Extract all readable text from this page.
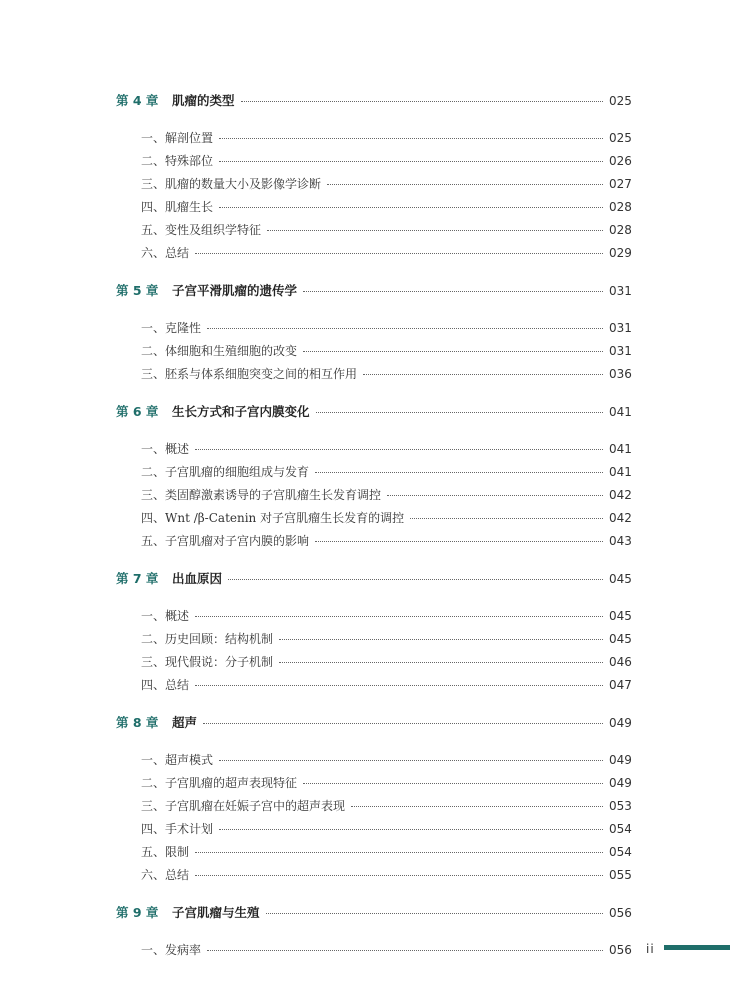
第 4 章	肌瘤的类型	025
一、解剖位置	025
二、特殊部位	026
三、肌瘤的数量大小及影像学诊断	027
四、肌瘤生长	028
五、变性及组织学特征	028
六、总结	029
第 5 章	子宫平滑肌瘤的遗传学	031
一、克隆性	031
二、体细胞和生殖细胞的改变	031
三、胚系与体系细胞突变之间的相互作用	036
第 6 章	生长方式和子宫内膜变化	041
一、概述	041
二、子宫肌瘤的细胞组成与发育	041
三、类固醇激素诱导的子宫肌瘤生长发育调控	042
四、Wnt /β-Catenin 对子宫肌瘤生长发育的调控	042
五、子宫肌瘤对子宫内膜的影响	043
第 7 章	出血原因	045
一、概述	045
二、历史回顾：结构机制	045
三、现代假说：分子机制	046
四、总结	047
第 8 章	超声	049
一、超声模式	049
二、子宫肌瘤的超声表现特征	049
三、子宫肌瘤在妊娠子宫中的超声表现	053
四、手术计划	054
五、限制	054
六、总结	055
第 9 章	子宫肌瘤与生殖	056
一、发病率	056 ii
